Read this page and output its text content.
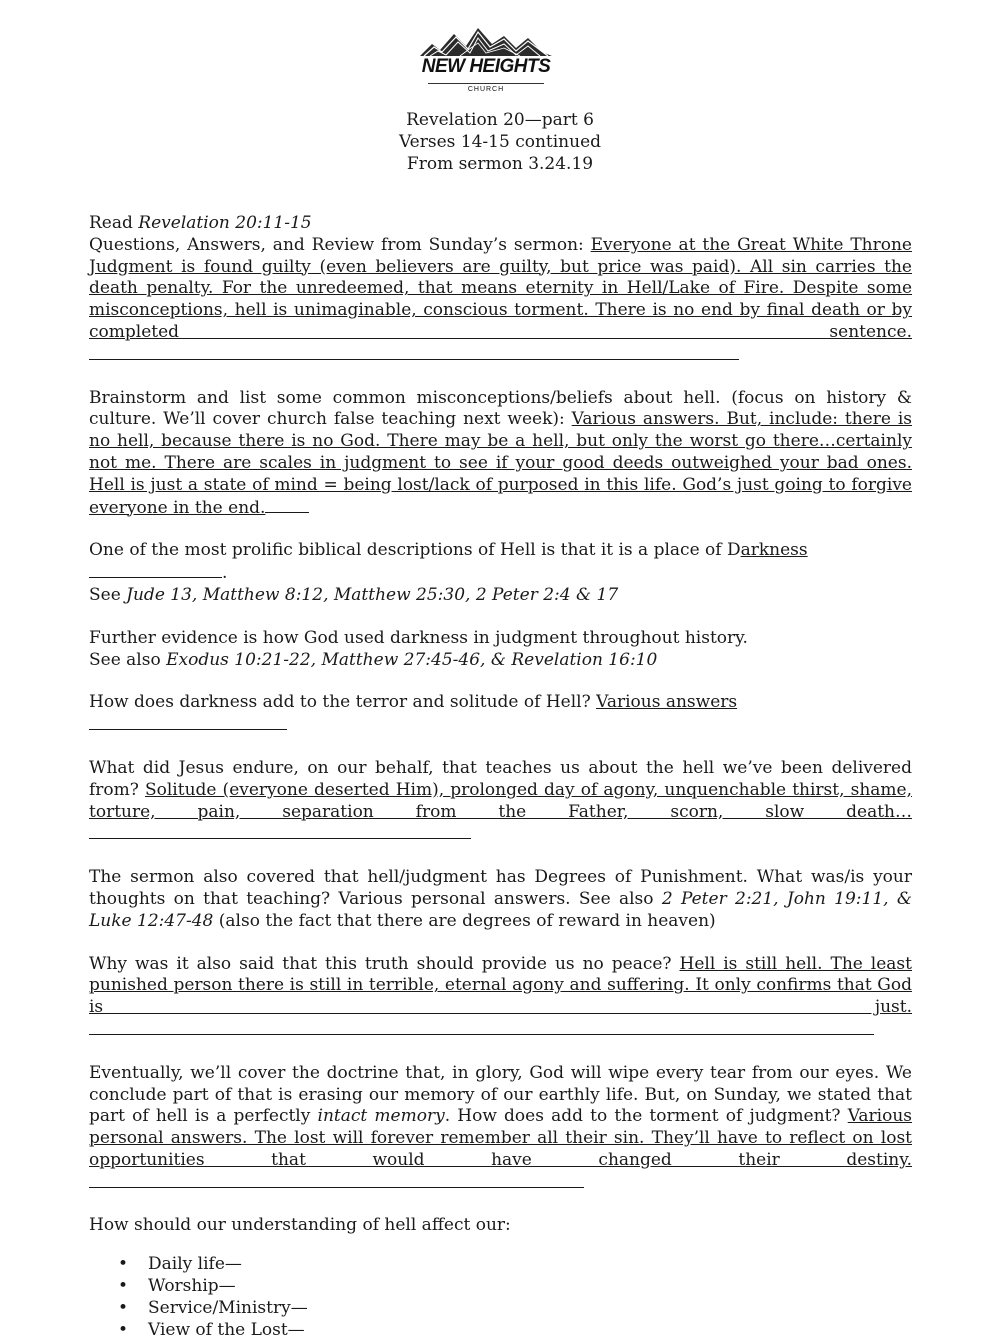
NEW HEIGHTS
CHURCH
Revelation 20—part 6
Verses 14-15 continued
From sermon 3.24.19

Read Revelation 20:11-15

Questions, Answers, and Review from Sunday’s sermon: Everyone at the Great White Throne Judgment is found guilty (even believers are guilty, but price was paid). All sin carries the death penalty. For the unredeemed, that means eternity in Hell/Lake of Fire. Despite some misconceptions, hell is unimaginable, conscious torment. There is no end by final death or by completed sentence.

Brainstorm and list some common misconceptions/beliefs about hell. (focus on history & culture. We’ll cover church false teaching next week): Various answers. But, include: there is no hell, because there is no God. There may be a hell, but only the worst go there…certainly not me. There are scales in judgment to see if your good deeds outweighed your bad ones. Hell is just a state of mind = being lost/lack of purposed in this life. God’s just going to forgive everyone in the end.

One of the most prolific biblical descriptions of Hell is that it is a place of Darkness.
See Jude 13, Matthew 8:12, Matthew 25:30, 2 Peter 2:4 & 17

Further evidence is how God used darkness in judgment throughout history.
See also Exodus 10:21-22, Matthew 27:45-46, & Revelation 16:10

How does darkness add to the terror and solitude of Hell? Various answers

What did Jesus endure, on our behalf, that teaches us about the hell we’ve been delivered from? Solitude (everyone deserted Him), prolonged day of agony, unquenchable thirst, shame, torture, pain, separation from the Father, scorn, slow death…

The sermon also covered that hell/judgment has Degrees of Punishment. What was/is your thoughts on that teaching? Various personal answers. See also 2 Peter 2:21, John 19:11, & Luke 12:47-48 (also the fact that there are degrees of reward in heaven)

Why was it also said that this truth should provide us no peace? Hell is still hell. The least punished person there is still in terrible, eternal agony and suffering. It only confirms that God is just.

Eventually, we’ll cover the doctrine that, in glory, God will wipe every tear from our eyes. We conclude part of that is erasing our memory of our earthly life. But, on Sunday, we stated that part of hell is a perfectly intact memory. How does add to the torment of judgment? Various personal answers. The lost will forever remember all their sin. They’ll have to reflect on lost opportunities that would have changed their destiny.

How should our understanding of hell affect our:

• Daily life—
• Worship—
• Service/Ministry—
• View of the Lost—
